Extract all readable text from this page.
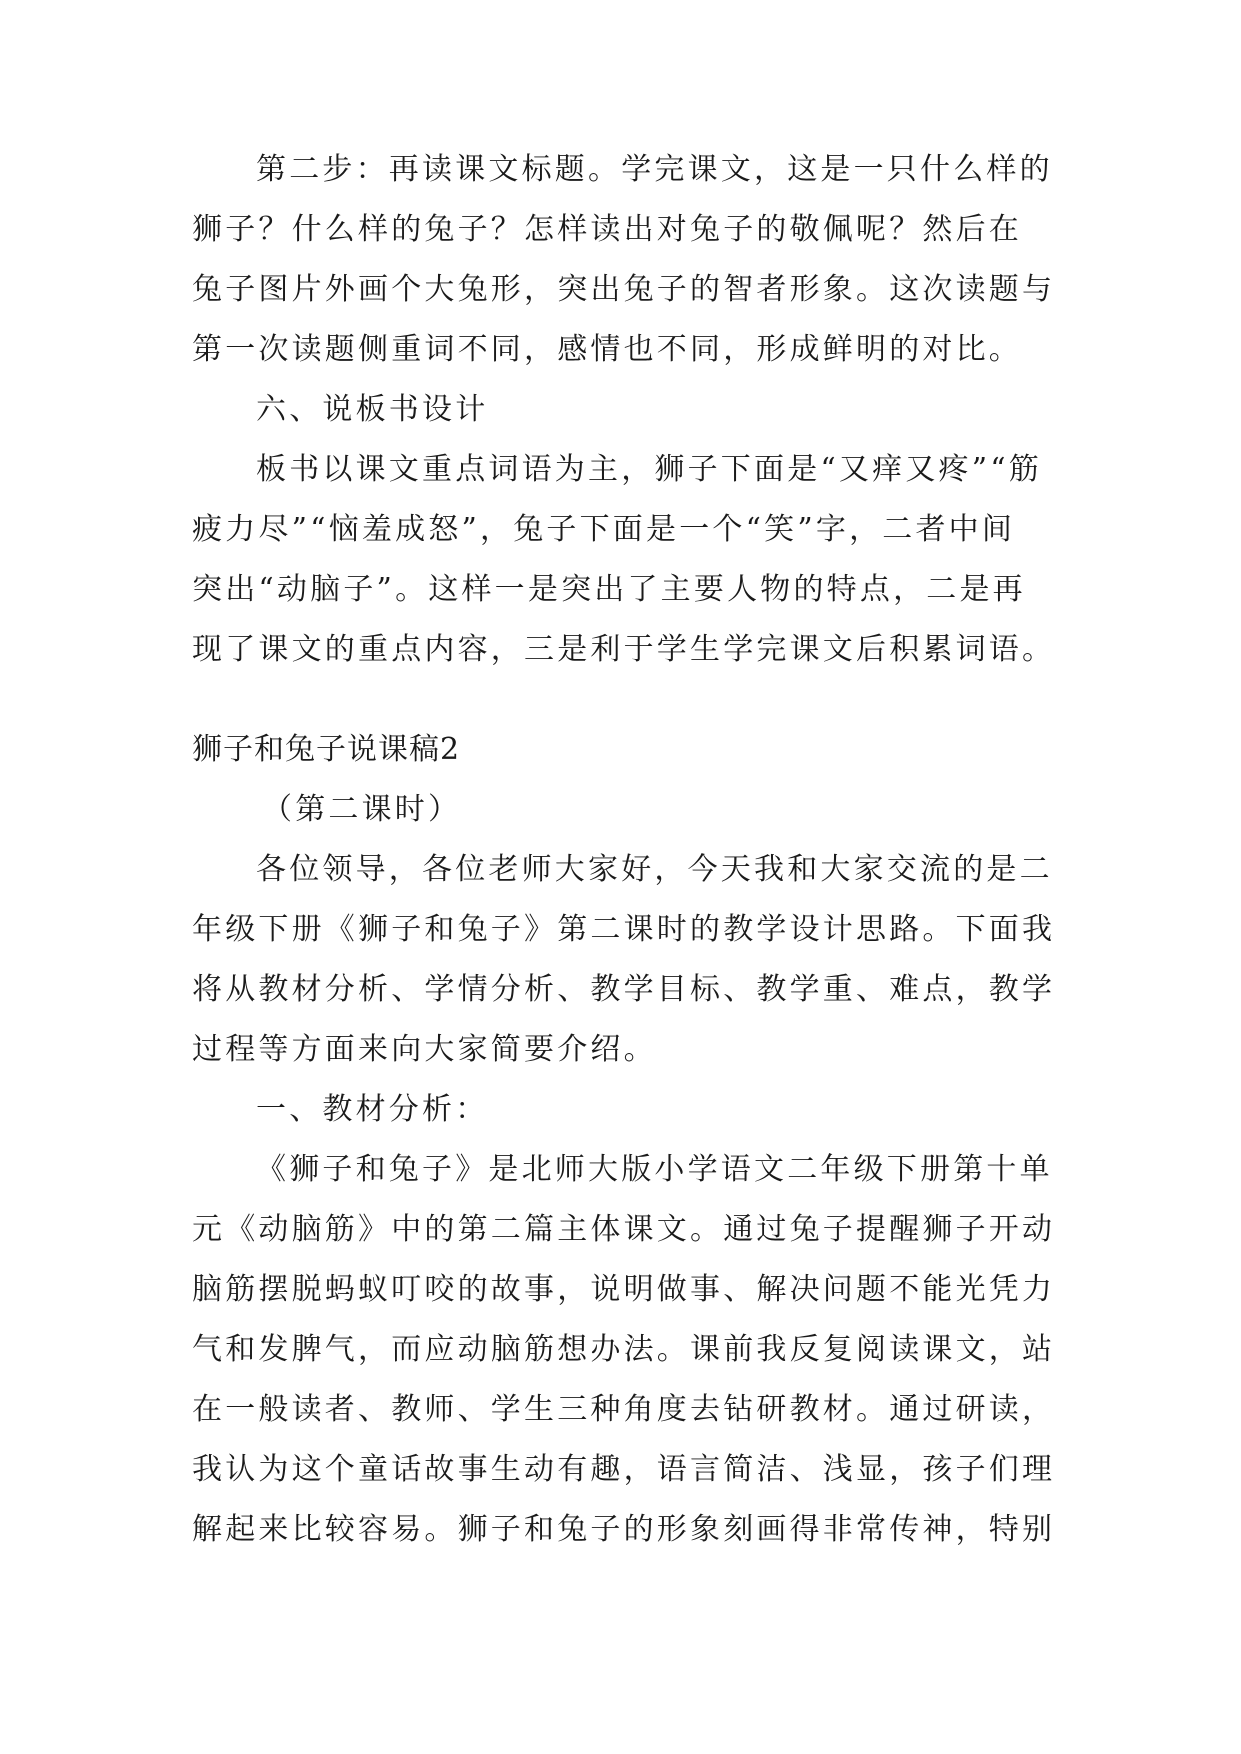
第二步：再读课文标题。学完课文，这是一只什么样的
狮子？什么样的兔子？怎样读出对兔子的敬佩呢？然后在
兔子图片外画个大兔形，突出兔子的智者形象。这次读题与
第一次读题侧重词不同，感情也不同，形成鲜明的对比。
六、说板书设计
板书以课文重点词语为主，狮子下面是“又痒又疼”“筋
疲力尽”“恼羞成怒”，兔子下面是一个“笑”字，二者中间
突出“动脑子”。这样一是突出了主要人物的特点，二是再
现了课文的重点内容，三是利于学生学完课文后积累词语。
狮子和兔子说课稿2
（第二课时）
各位领导，各位老师大家好，今天我和大家交流的是二
年级下册《狮子和兔子》第二课时的教学设计思路。下面我
将从教材分析、学情分析、教学目标、教学重、难点，教学
过程等方面来向大家简要介绍。
一、教材分析：
《狮子和兔子》是北师大版小学语文二年级下册第十单
元《动脑筋》中的第二篇主体课文。通过兔子提醒狮子开动
脑筋摆脱蚂蚁叮咬的故事，说明做事、解决问题不能光凭力
气和发脾气，而应动脑筋想办法。课前我反复阅读课文，站
在一般读者、教师、学生三种角度去钻研教材。通过研读，
我认为这个童话故事生动有趣，语言简洁、浅显，孩子们理
解起来比较容易。狮子和兔子的形象刻画得非常传神，特别
